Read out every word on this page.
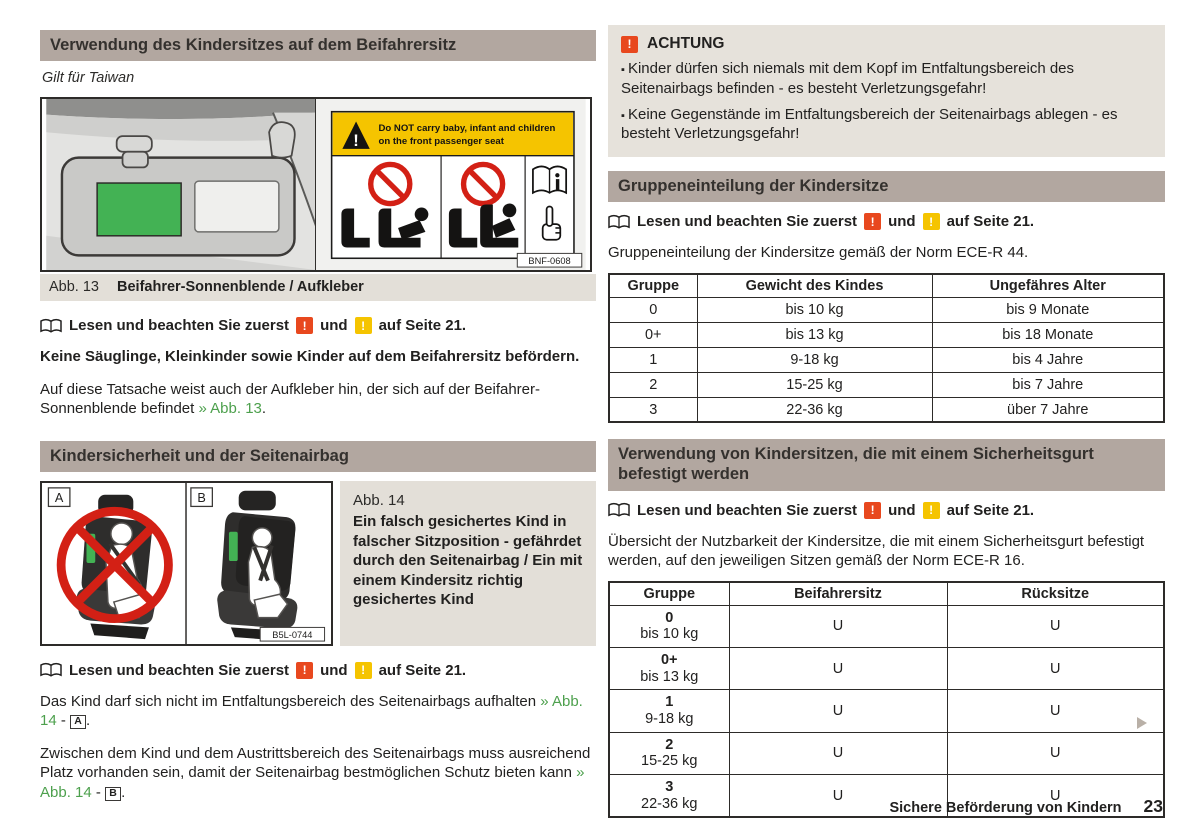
Verwendung des Kindersitzes auf dem Beifahrersitz
Gilt für Taiwan
!
Do NOT carry baby, infant and children
on the front passenger seat
BNF-0608
Abb. 13 Beifahrer-Sonnenblende / Aufkleber
Lesen und beachten Sie zuerst	! und	! auf Seite 21.

Keine Säuglinge, Kleinkinder sowie Kinder auf dem Beifahrersitz befördern.

Auf diese Tatsache weist auch der Aufkleber hin, der sich auf der Beifahrer-Sonnenblende befindet » Abb. 13.

Kindersicherheit und der Seitenairbag
A	B
B5L-0744
Abb. 14
Ein falsch gesichertes Kind in falscher Sitzposition - gefährdet durch den Seitenairbag / Ein mit einem Kindersitz richtig gesichertes Kind
Lesen und beachten Sie zuerst	! und	! auf Seite 21.

Das Kind darf sich nicht im Entfaltungsbereich des Seitenairbags aufhalten » Abb. 14 - A .

Zwischen dem Kind und dem Austrittsbereich des Seitenairbags muss ausreichend Platz vorhanden sein, damit der Seitenairbag bestmöglichen Schutz bieten kann » Abb. 14 - B .

!	ACHTUNG

▪ Kinder dürfen sich niemals mit dem Kopf im Entfaltungsbereich des Seitenairbags befinden - es besteht Verletzungsgefahr!

▪ Keine Gegenstände im Entfaltungsbereich der Seitenairbags ablegen - es besteht Verletzungsgefahr!

Gruppeneinteilung der Kindersitze
Lesen und beachten Sie zuerst	! und	! auf Seite 21.

Gruppeneinteilung der Kindersitze gemäß der Norm ECE-R 44.

Gruppe	Gewicht des Kindes	Ungefähres Alter
0	bis 10 kg	bis 9 Monate
0+	bis 13 kg	bis 18 Monate
1	9-18 kg	bis 4 Jahre
2	15-25 kg	bis 7 Jahre
3	22-36 kg	über 7 Jahre
Verwendung von Kindersitzen, die mit einem Sicherheitsgurt befestigt werden
Lesen und beachten Sie zuerst	! und	! auf Seite 21.

Übersicht der Nutzbarkeit der Kindersitze, die mit einem Sicherheitsgurt befestigt werden, auf den jeweiligen Sitzen gemäß der Norm ECE-R 16.

Gruppe	Beifahrersitz	Rücksitze

0
bis 10 kg	U	U

0+
bis 13 kg	U	U

1
9-18 kg	U	U

2
15-25 kg	U	U

3
22-36 kg	U	U
Sichere Beförderung von Kindern 23
